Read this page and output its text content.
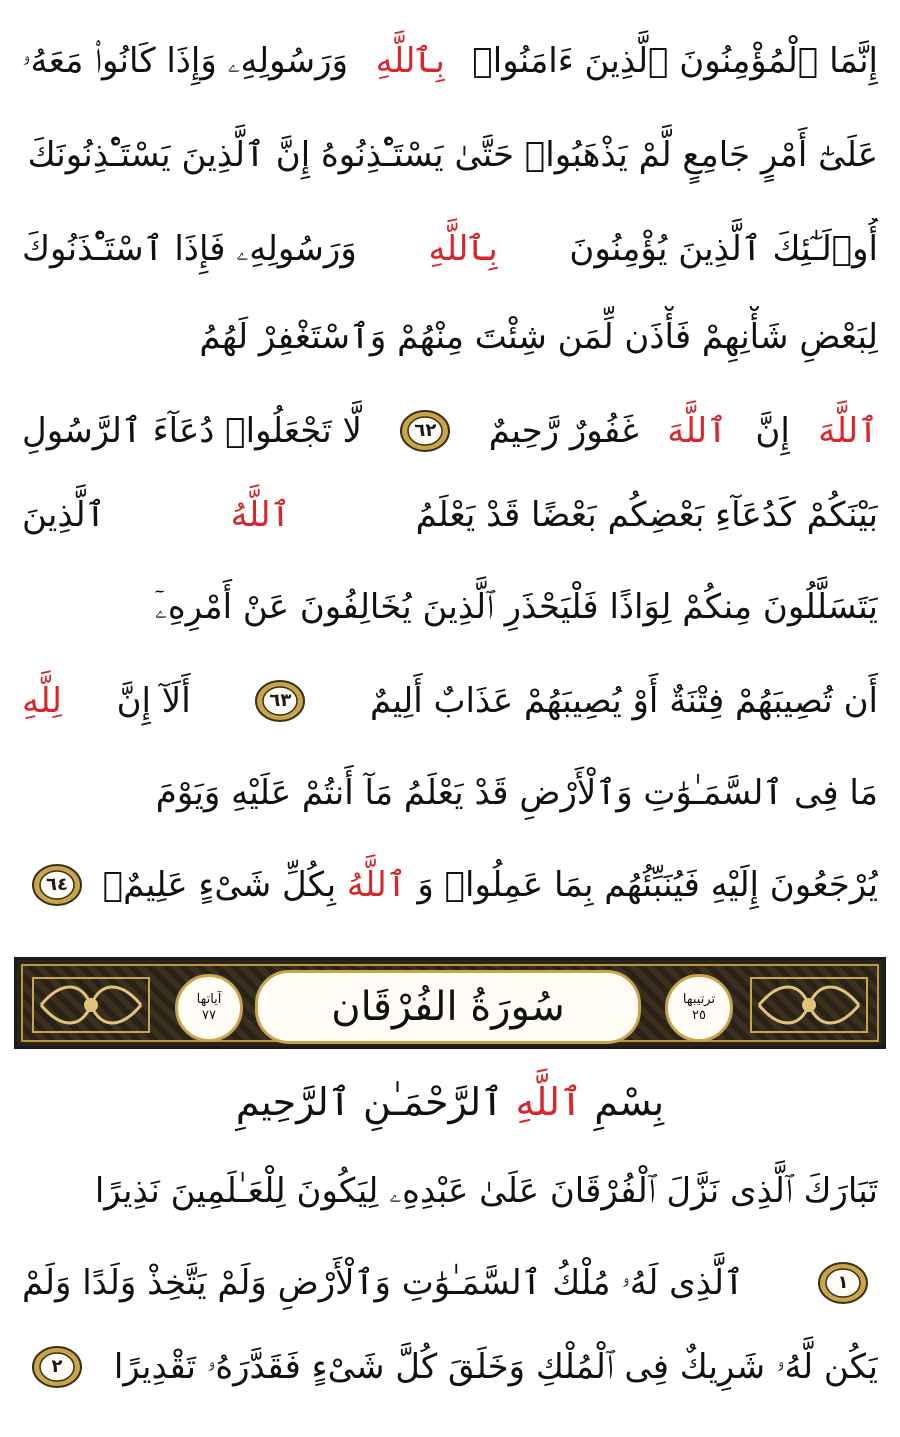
إِنَّمَا ٱلْمُؤْمِنُونَ ٱلَّذِينَ ءَامَنُوا۟
بِٱللَّهِ
وَرَسُولِهِۦ وَإِذَا كَانُوا۟ مَعَهُۥ
عَلَىٰٓ أَمْرٍ جَامِعٍ لَّمْ يَذْهَبُوا۟ حَتَّىٰ يَسْتَـْٔذِنُوهُ إِنَّ ٱلَّذِينَ يَسْتَـْٔذِنُونَكَ
أُو۟لَـٰٓئِكَ ٱلَّذِينَ يُؤْمِنُونَ
بِٱللَّهِ
وَرَسُولِهِۦ فَإِذَا ٱسْتَـْٔذَنُوكَ
لِبَعْضِ شَأْنِهِمْ فَأْذَن لِّمَن شِئْتَ مِنْهُمْ وَٱسْتَغْفِرْ لَهُمُ
ٱللَّهَ
إِنَّ
ٱللَّهَ
غَفُورٌ رَّحِيمٌ
٦٢
لَّا تَجْعَلُوا۟ دُعَآءَ ٱلرَّسُولِ
بَيْنَكُمْ كَدُعَآءِ بَعْضِكُم بَعْضًا قَدْ يَعْلَمُ
ٱللَّهُ
ٱلَّذِينَ
يَتَسَلَّلُونَ مِنكُمْ لِوَاذًا فَلْيَحْذَرِ ٱلَّذِينَ يُخَالِفُونَ عَنْ أَمْرِهِۦٓ
أَن تُصِيبَهُمْ فِتْنَةٌ أَوْ يُصِيبَهُمْ عَذَابٌ أَلِيمٌ
٦٣
أَلَآ إِنَّ
لِلَّهِ
مَا فِى ٱلسَّمَـٰوَٰتِ وَٱلْأَرْضِ قَدْ يَعْلَمُ مَآ أَنتُمْ عَلَيْهِ وَيَوْمَ
يُرْجَعُونَ إِلَيْهِ فَيُنَبِّئُهُم بِمَا عَمِلُوا۟ وَ
ٱللَّهُ
بِكُلِّ شَىْءٍ عَلِيمٌۢ
٦٤
ترتيبها
٢٥
سُورَةُ الفُرْقَان
آياتها
٧٧
بِسْمِ ٱللَّهِ ٱلرَّحْمَـٰنِ ٱلرَّحِيمِ
تَبَارَكَ ٱلَّذِى نَزَّلَ ٱلْفُرْقَانَ عَلَىٰ عَبْدِهِۦ لِيَكُونَ لِلْعَـٰلَمِينَ نَذِيرًا
١
ٱلَّذِى لَهُۥ مُلْكُ ٱلسَّمَـٰوَٰتِ وَٱلْأَرْضِ وَلَمْ يَتَّخِذْ وَلَدًا وَلَمْ
يَكُن لَّهُۥ شَرِيكٌ فِى ٱلْمُلْكِ وَخَلَقَ كُلَّ شَىْءٍ فَقَدَّرَهُۥ تَقْدِيرًا
٢
